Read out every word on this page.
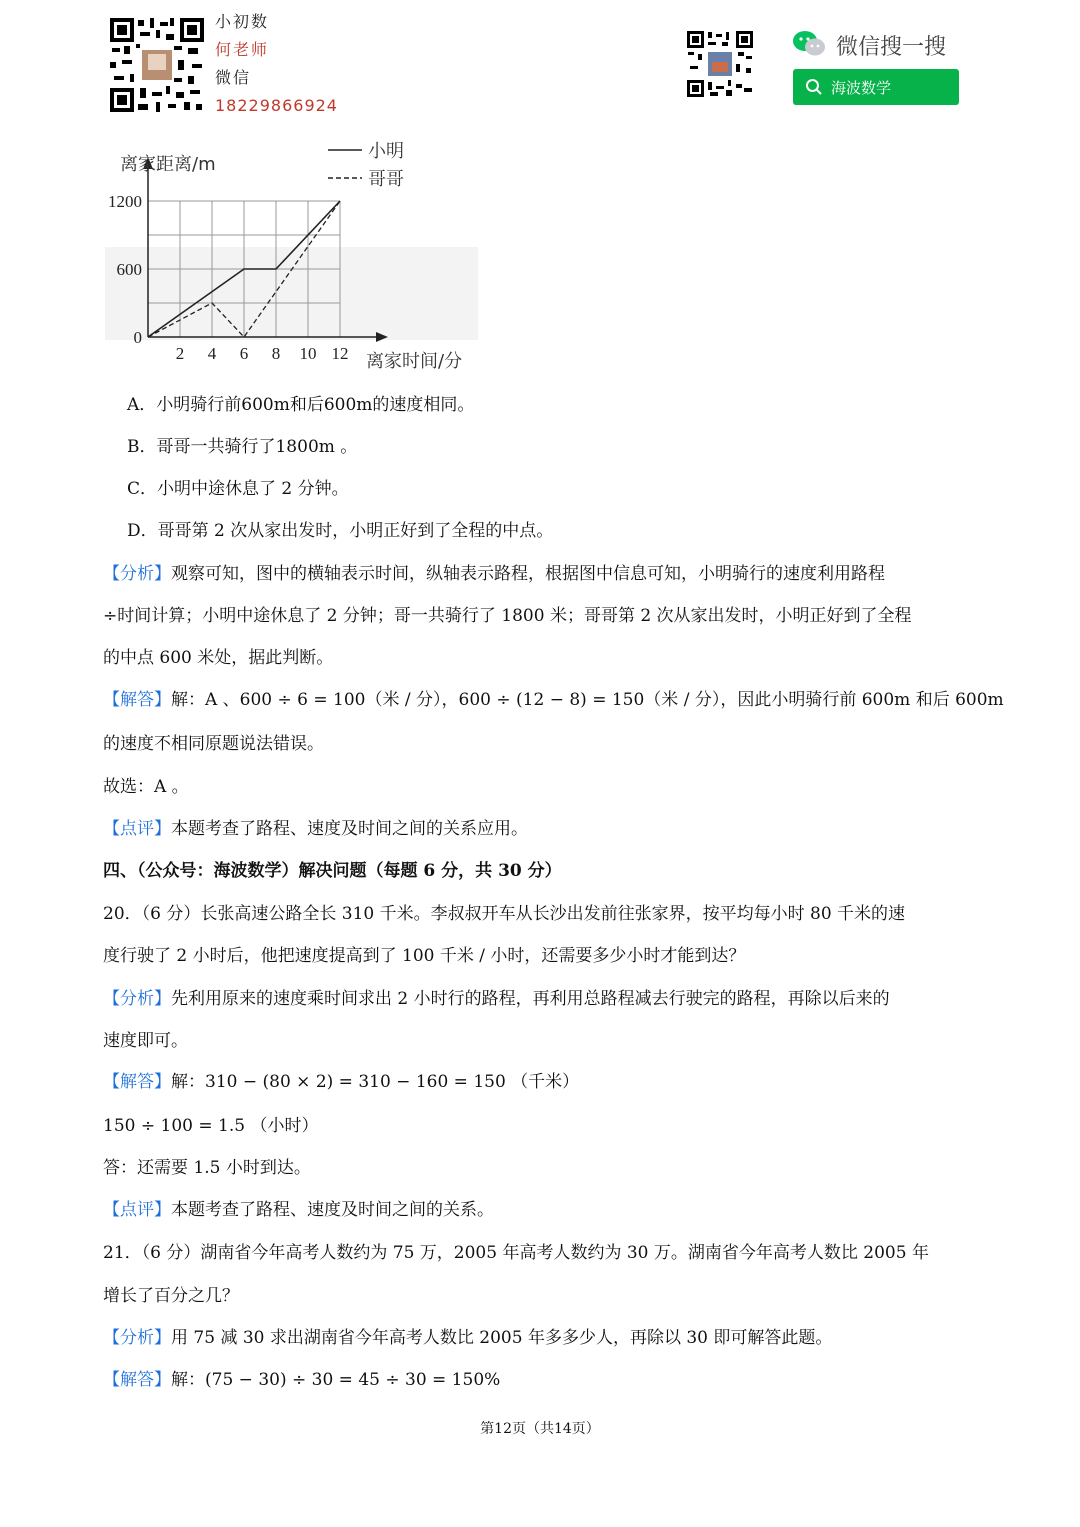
小初数
何老师
微信
18229866924
微信搜一搜
海波数学
2 4 6 8 10 12
0
600
1200
小明
哥哥
离家距离/m
离家时间/分
A．小明骑行前600m和后600m的速度相同。
B．哥哥一共骑行了1800m 。
C．小明中途休息了 2 分钟。
D．哥哥第 2 次从家出发时，小明正好到了全程的中点。
【分析】观察可知，图中的横轴表示时间，纵轴表示路程，根据图中信息可知，小明骑行的速度利用路程
÷时间计算；小明中途休息了 2 分钟；哥一共骑行了 1800 米；哥哥第 2 次从家出发时，小明正好到了全程
的中点 600 米处，据此判断。
【解答】解：A 、600 ÷ 6 = 100（米 / 分），600 ÷ (12 − 8) = 150（米 / 分），因此小明骑行前 600m 和后 600m
的速度不相同原题说法错误。
故选：A 。
【点评】本题考查了路程、速度及时间之间的关系应用。
四、（公众号：海波数学）解决问题（每题 6 分，共 30 分）
20．（6 分）长张高速公路全长 310 千米。李叔叔开车从长沙出发前往张家界，按平均每小时 80 千米的速
度行驶了 2 小时后，他把速度提高到了 100 千米 / 小时，还需要多少小时才能到达？
【分析】先利用原来的速度乘时间求出 2 小时行的路程，再利用总路程减去行驶完的路程，再除以后来的
速度即可。
【解答】解：310 − (80 × 2) = 310 − 160 = 150 （千米）
150 ÷ 100 = 1.5 （小时）
答：还需要 1.5 小时到达。
【点评】本题考查了路程、速度及时间之间的关系。
21．（6 分）湖南省今年高考人数约为 75 万，2005 年高考人数约为 30 万。湖南省今年高考人数比 2005 年
增长了百分之几？
【分析】用 75 减 30 求出湖南省今年高考人数比 2005 年多多少人，再除以 30 即可解答此题。
【解答】解：(75 − 30) ÷ 30 = 45 ÷ 30 = 150%
第12页（共14页）
